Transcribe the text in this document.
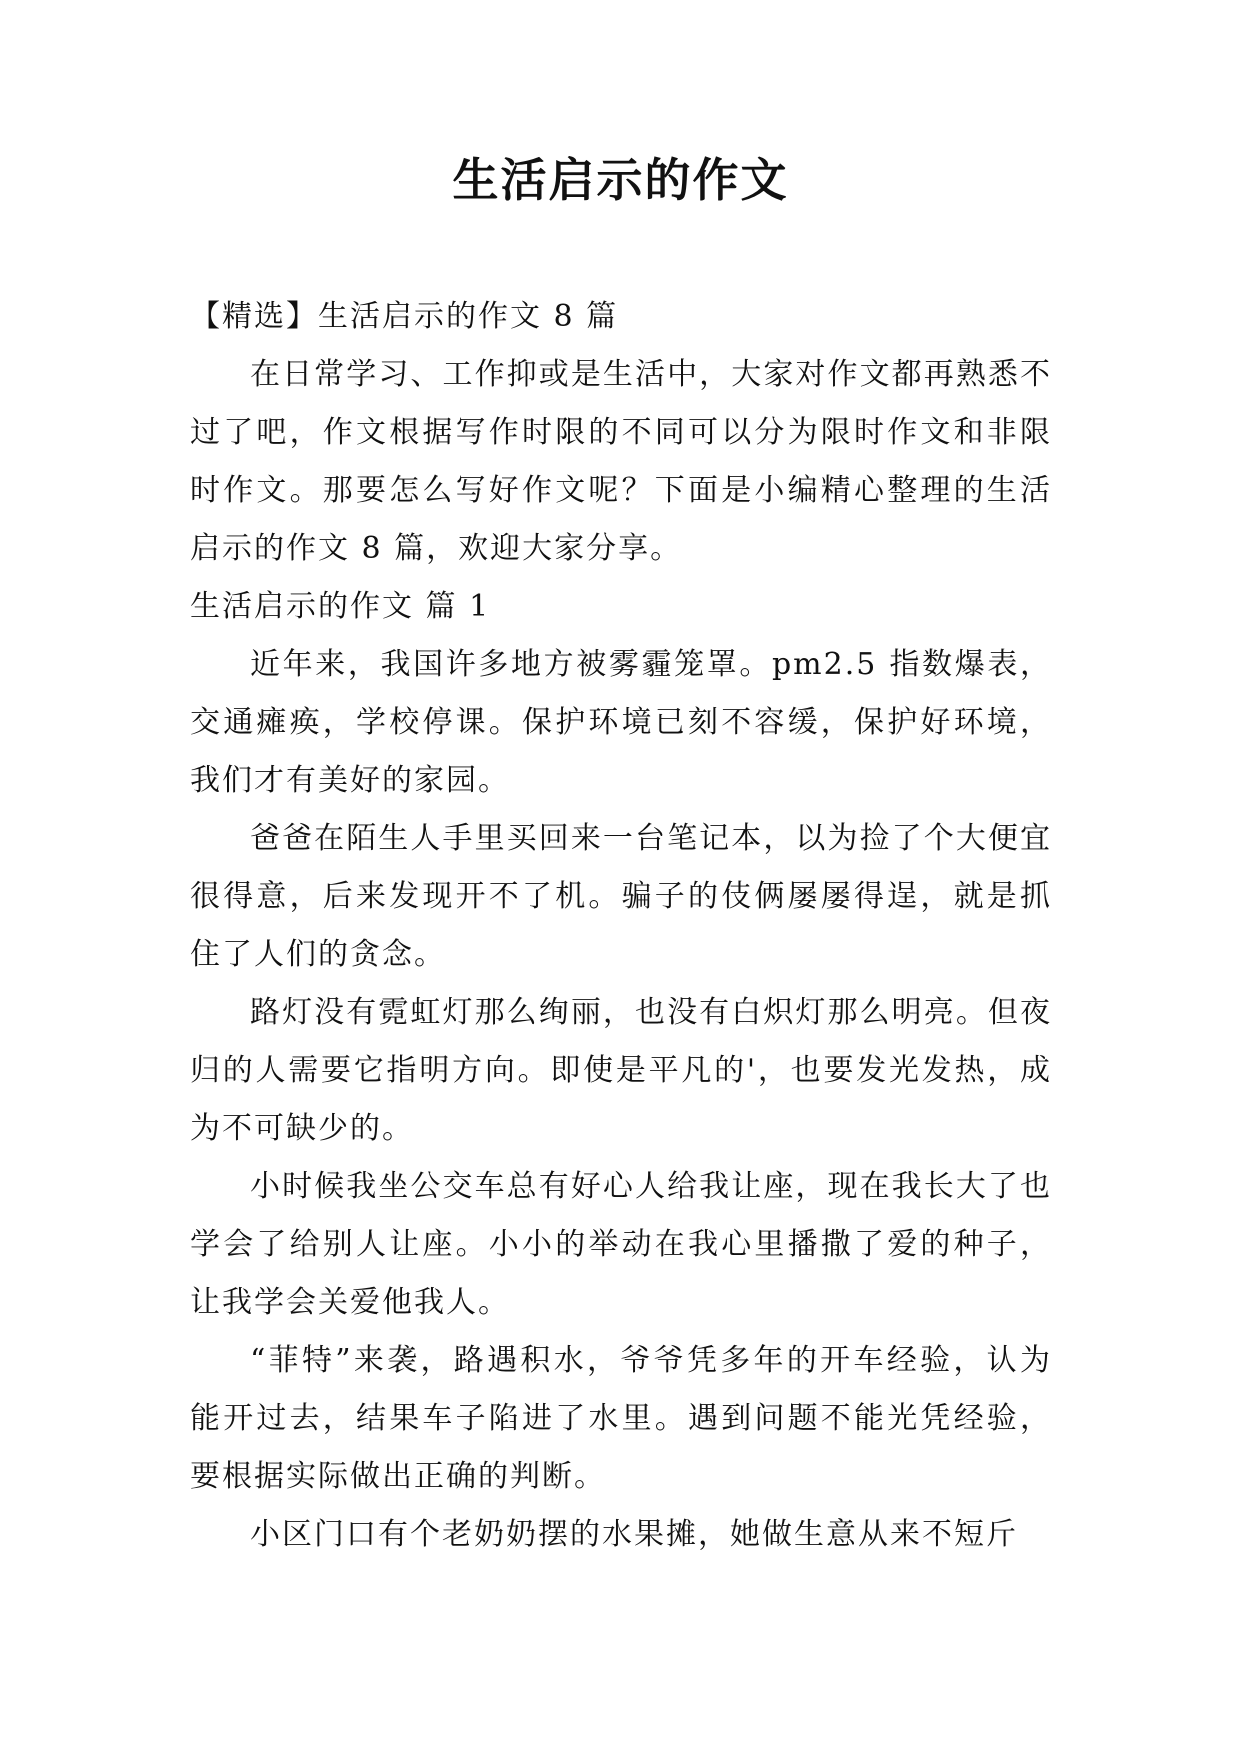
生活启示的作文

【精选】生活启示的作文 8 篇

在日常学习、工作抑或是生活中，大家对作文都再熟悉不过了吧，作文根据写作时限的不同可以分为限时作文和非限时作文。那要怎么写好作文呢？下面是小编精心整理的生活启示的作文 8 篇，欢迎大家分享。

生活启示的作文 篇 1

近年来，我国许多地方被雾霾笼罩。pm2.5 指数爆表，交通瘫痪，学校停课。保护环境已刻不容缓，保护好环境，我们才有美好的家园。

爸爸在陌生人手里买回来一台笔记本，以为捡了个大便宜很得意，后来发现开不了机。骗子的伎俩屡屡得逞，就是抓住了人们的贪念。

路灯没有霓虹灯那么绚丽，也没有白炽灯那么明亮。但夜归的人需要它指明方向。即使是平凡的'，也要发光发热，成为不可缺少的。

小时候我坐公交车总有好心人给我让座，现在我长大了也学会了给别人让座。小小的举动在我心里播撒了爱的种子，让我学会关爱他我人。

“菲特”来袭，路遇积水，爷爷凭多年的开车经验，认为能开过去，结果车子陷进了水里。遇到问题不能光凭经验，要根据实际做出正确的判断。

小区门口有个老奶奶摆的水果摊，她做生意从来不短斤
